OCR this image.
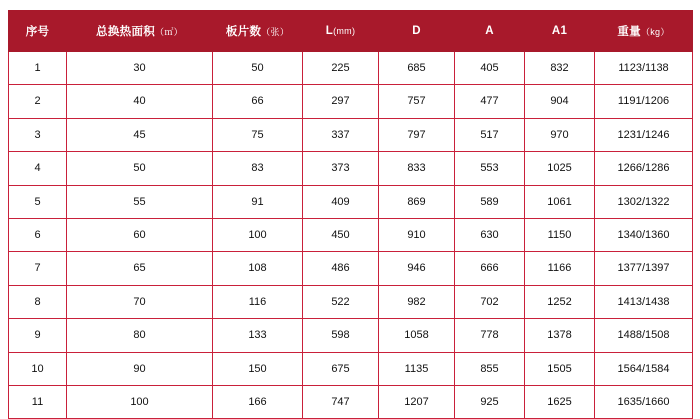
序号	总换热面积（㎡）	板片数（张）	L(mm)	D	A	A1	重量（kg）
1	30	50	225	685	405	832	1123/1138
2	40	66	297	757	477	904	1191/1206
3	45	75	337	797	517	970	1231/1246
4	50	83	373	833	553	1025	1266/1286
5	55	91	409	869	589	1061	1302/1322
6	60	100	450	910	630	1150	1340/1360
7	65	108	486	946	666	1166	1377/1397
8	70	116	522	982	702	1252	1413/1438
9	80	133	598	1058	778	1378	1488/1508
10	90	150	675	1135	855	1505	1564/1584
11	100	166	747	1207	925	1625	1635/1660
